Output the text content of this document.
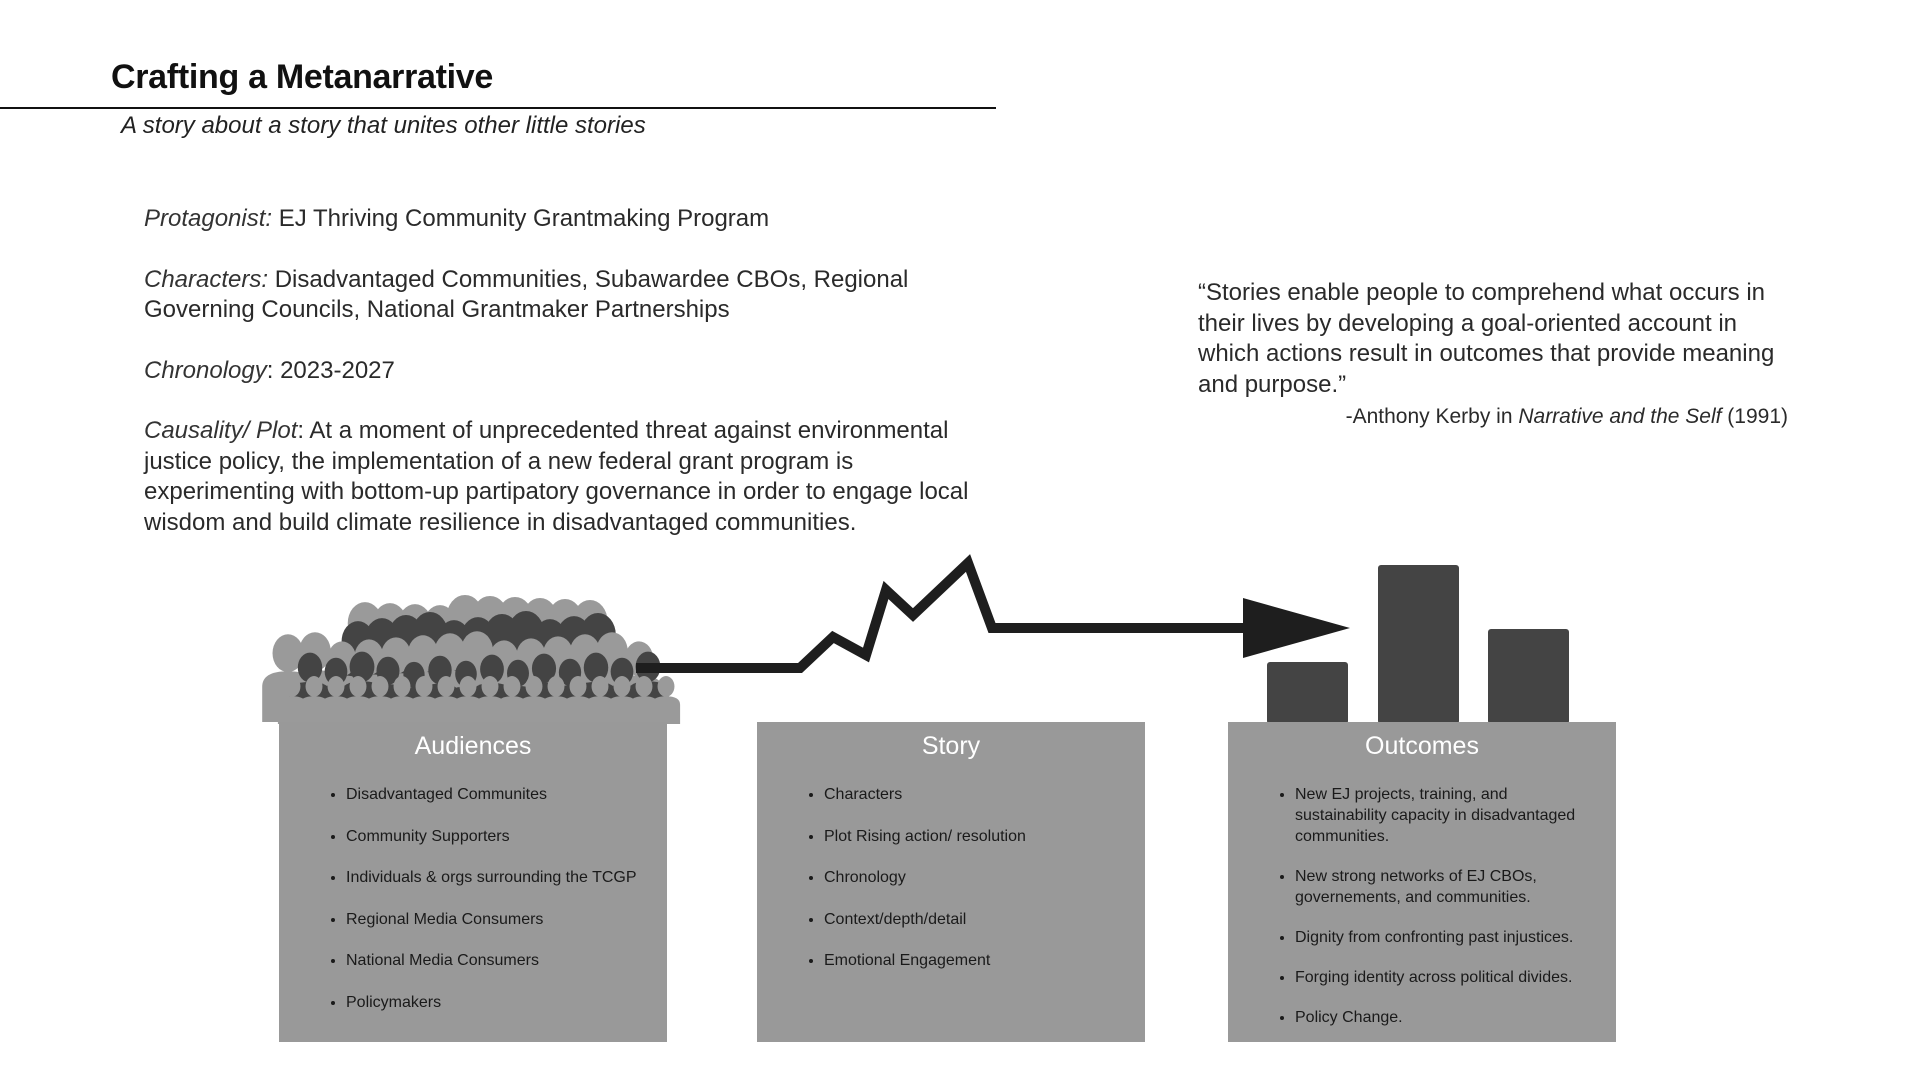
Crafting a Metanarrative
A story about a story that unites other little stories

Protagonist: EJ Thriving Community Grantmaking Program

Characters: Disadvantaged Communities, Subawardee CBOs, Regional Governing Councils, National Grantmaker Partnerships

Chronology: 2023-2027

Causality/ Plot: At a moment of unprecedented threat against environmental justice policy, the implementation of a new federal grant program is experimenting with bottom-up partipatory governance in order to engage local wisdom and build climate resilience in disadvantaged communities.

“Stories enable people to comprehend what occurs in their lives by developing a goal-oriented account in which actions result in outcomes that provide meaning and purpose.”

-Anthony Kerby in Narrative and the Self (1991)

Audiences
• Disadvantaged Communites
• Community Supporters
• Individuals & orgs surrounding the TCGP
• Regional Media Consumers
• National Media Consumers
• Policymakers
Story
• Characters
• Plot Rising action/ resolution
• Chronology
• Context/depth/detail
• Emotional Engagement
Outcomes
• New EJ projects, training, and sustainability capacity in disadvantaged communities.
• New strong networks of EJ CBOs, governements, and communities.
• Dignity from confronting past injustices.
• Forging identity across political divides.
• Policy Change.
